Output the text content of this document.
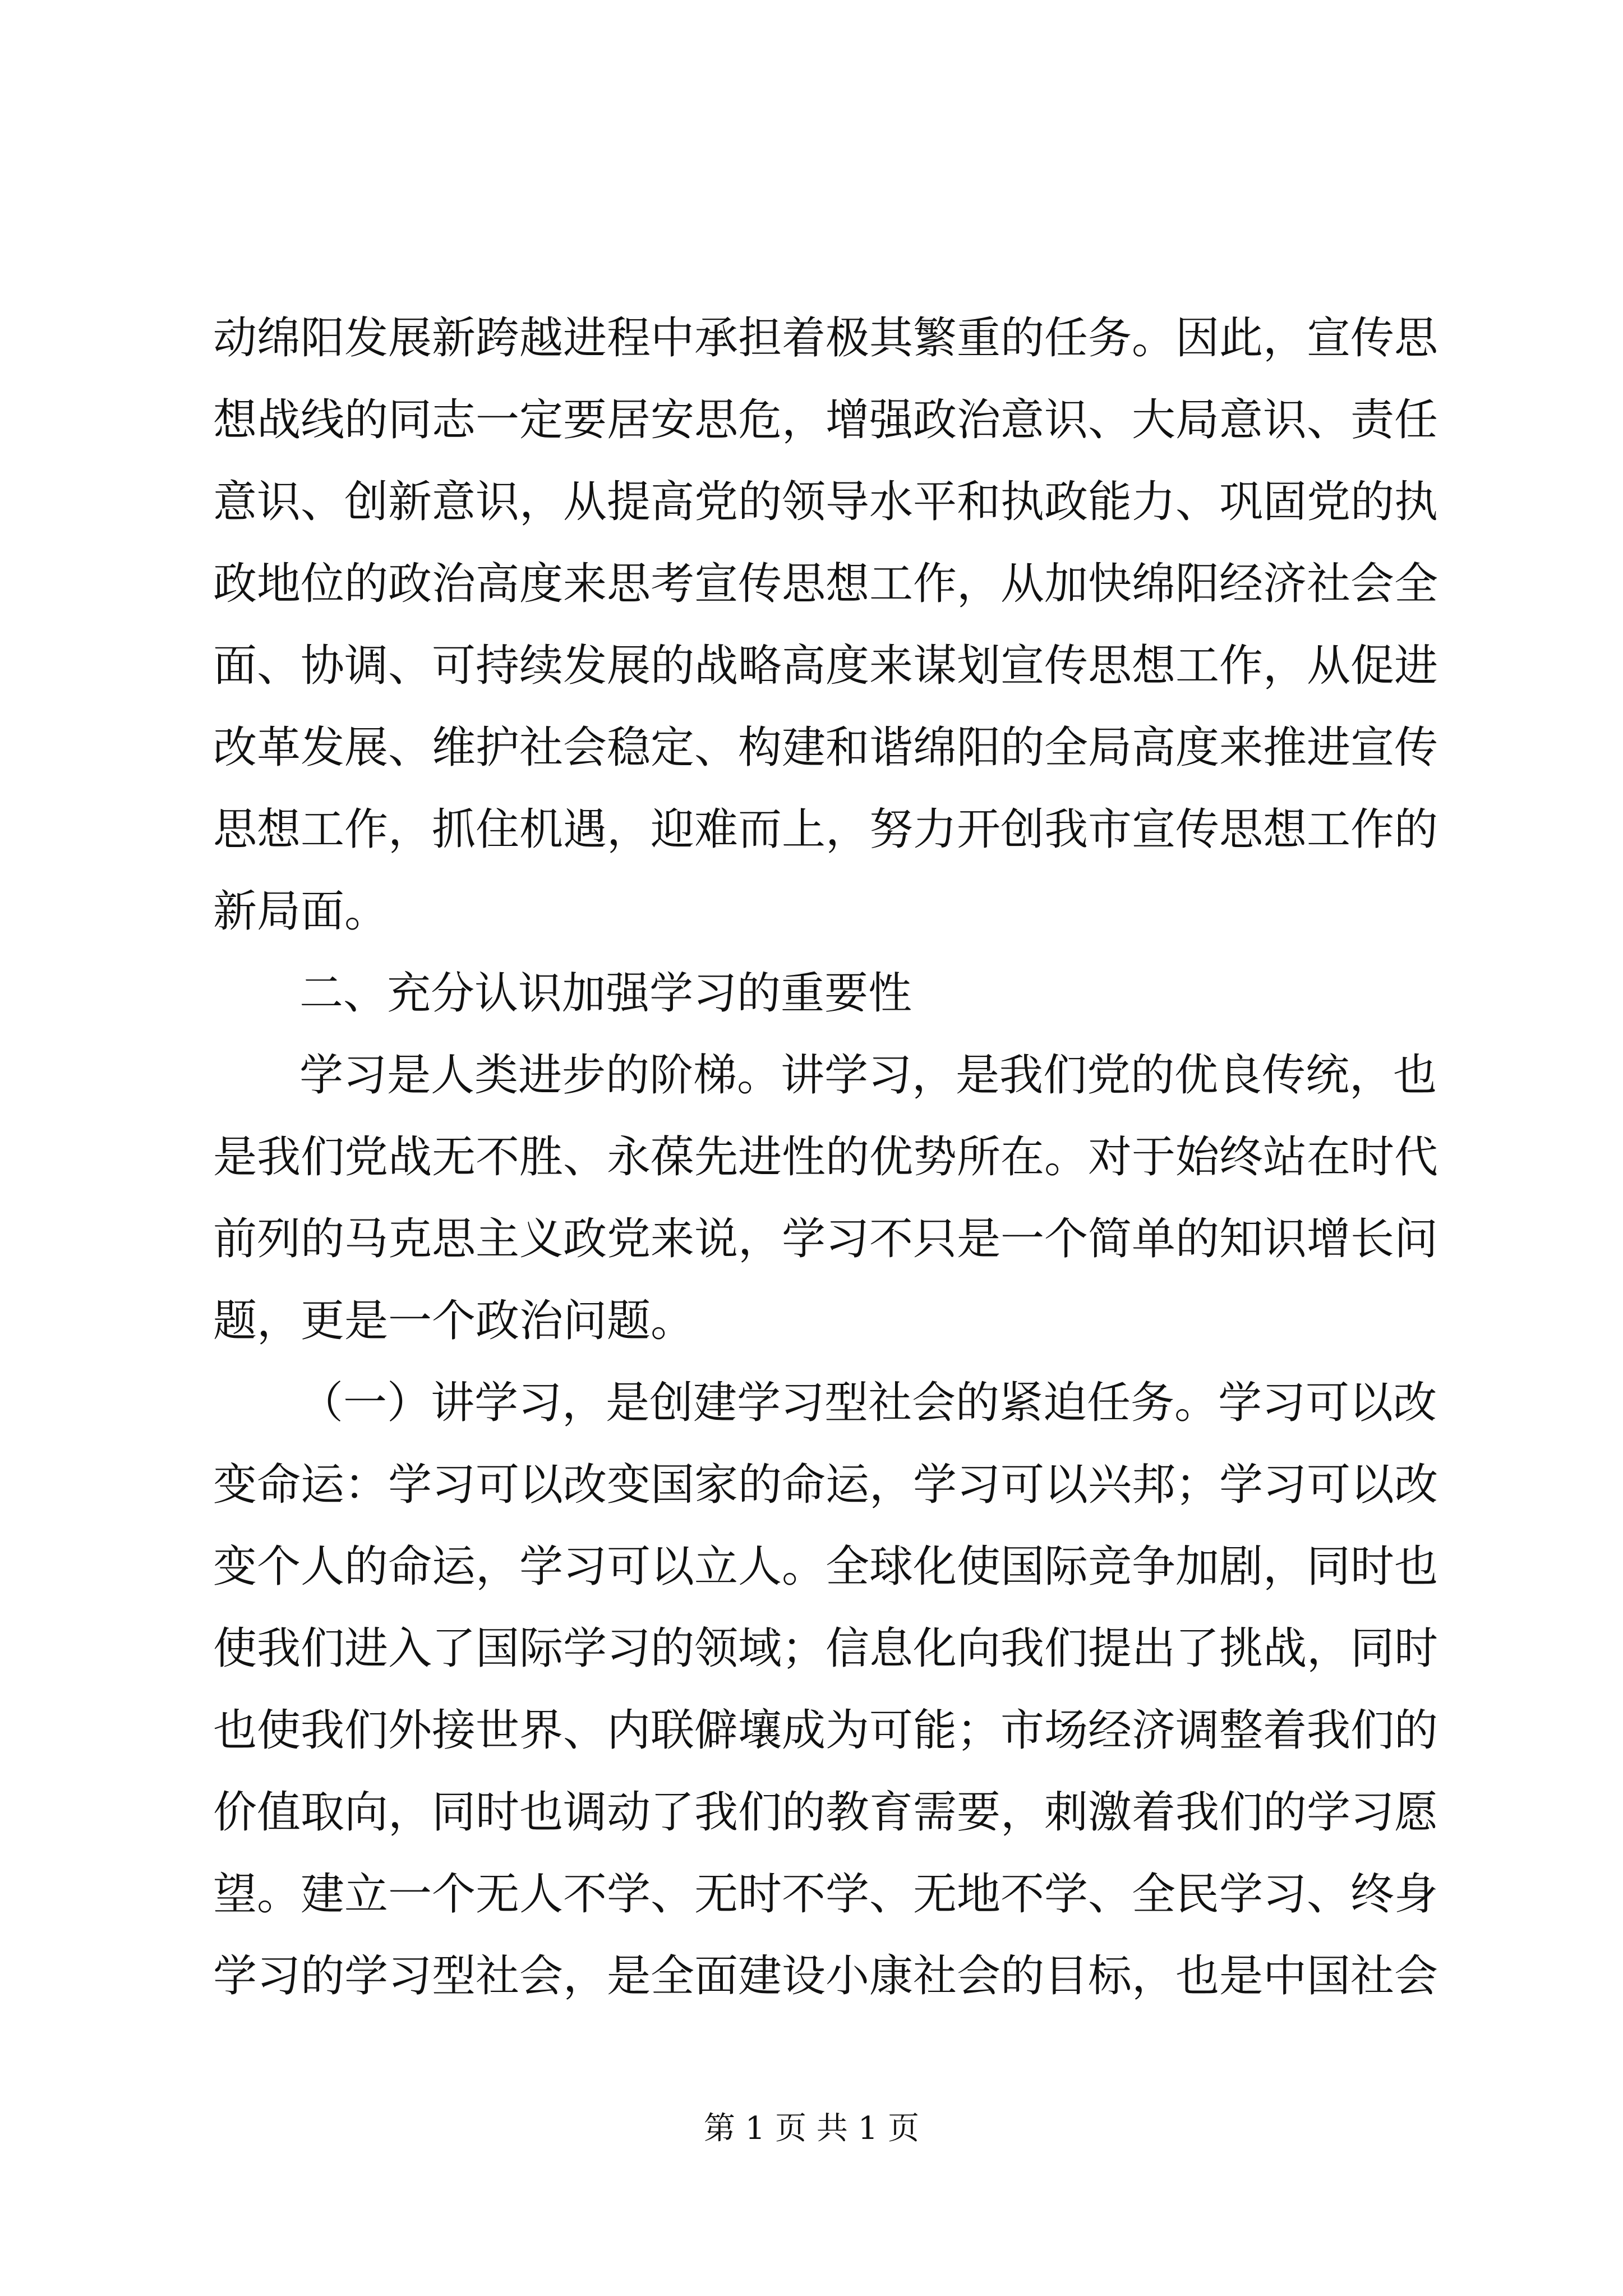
动绵阳发展新跨越进程中承担着极其繁重的任务。因此，宣传思
想战线的同志一定要居安思危，增强政治意识、大局意识、责任
意识、创新意识，从提高党的领导水平和执政能力、巩固党的执
政地位的政治高度来思考宣传思想工作，从加快绵阳经济社会全
面、协调、可持续发展的战略高度来谋划宣传思想工作，从促进
改革发展、维护社会稳定、构建和谐绵阳的全局高度来推进宣传
思想工作，抓住机遇，迎难而上，努力开创我市宣传思想工作的
新局面。
二、充分认识加强学习的重要性
学习是人类进步的阶梯。讲学习，是我们党的优良传统，也
是我们党战无不胜、永葆先进性的优势所在。对于始终站在时代
前列的马克思主义政党来说，学习不只是一个简单的知识增长问
题，更是一个政治问题。
（一）讲学习，是创建学习型社会的紧迫任务。学习可以改
变命运：学习可以改变国家的命运，学习可以兴邦；学习可以改
变个人的命运，学习可以立人。全球化使国际竞争加剧，同时也
使我们进入了国际学习的领域；信息化向我们提出了挑战，同时
也使我们外接世界、内联僻壤成为可能；市场经济调整着我们的
价值取向，同时也调动了我们的教育需要，刺激着我们的学习愿
望。建立一个无人不学、无时不学、无地不学、全民学习、终身
学习的学习型社会，是全面建设小康社会的目标，也是中国社会
第 1 页 共 1 页
